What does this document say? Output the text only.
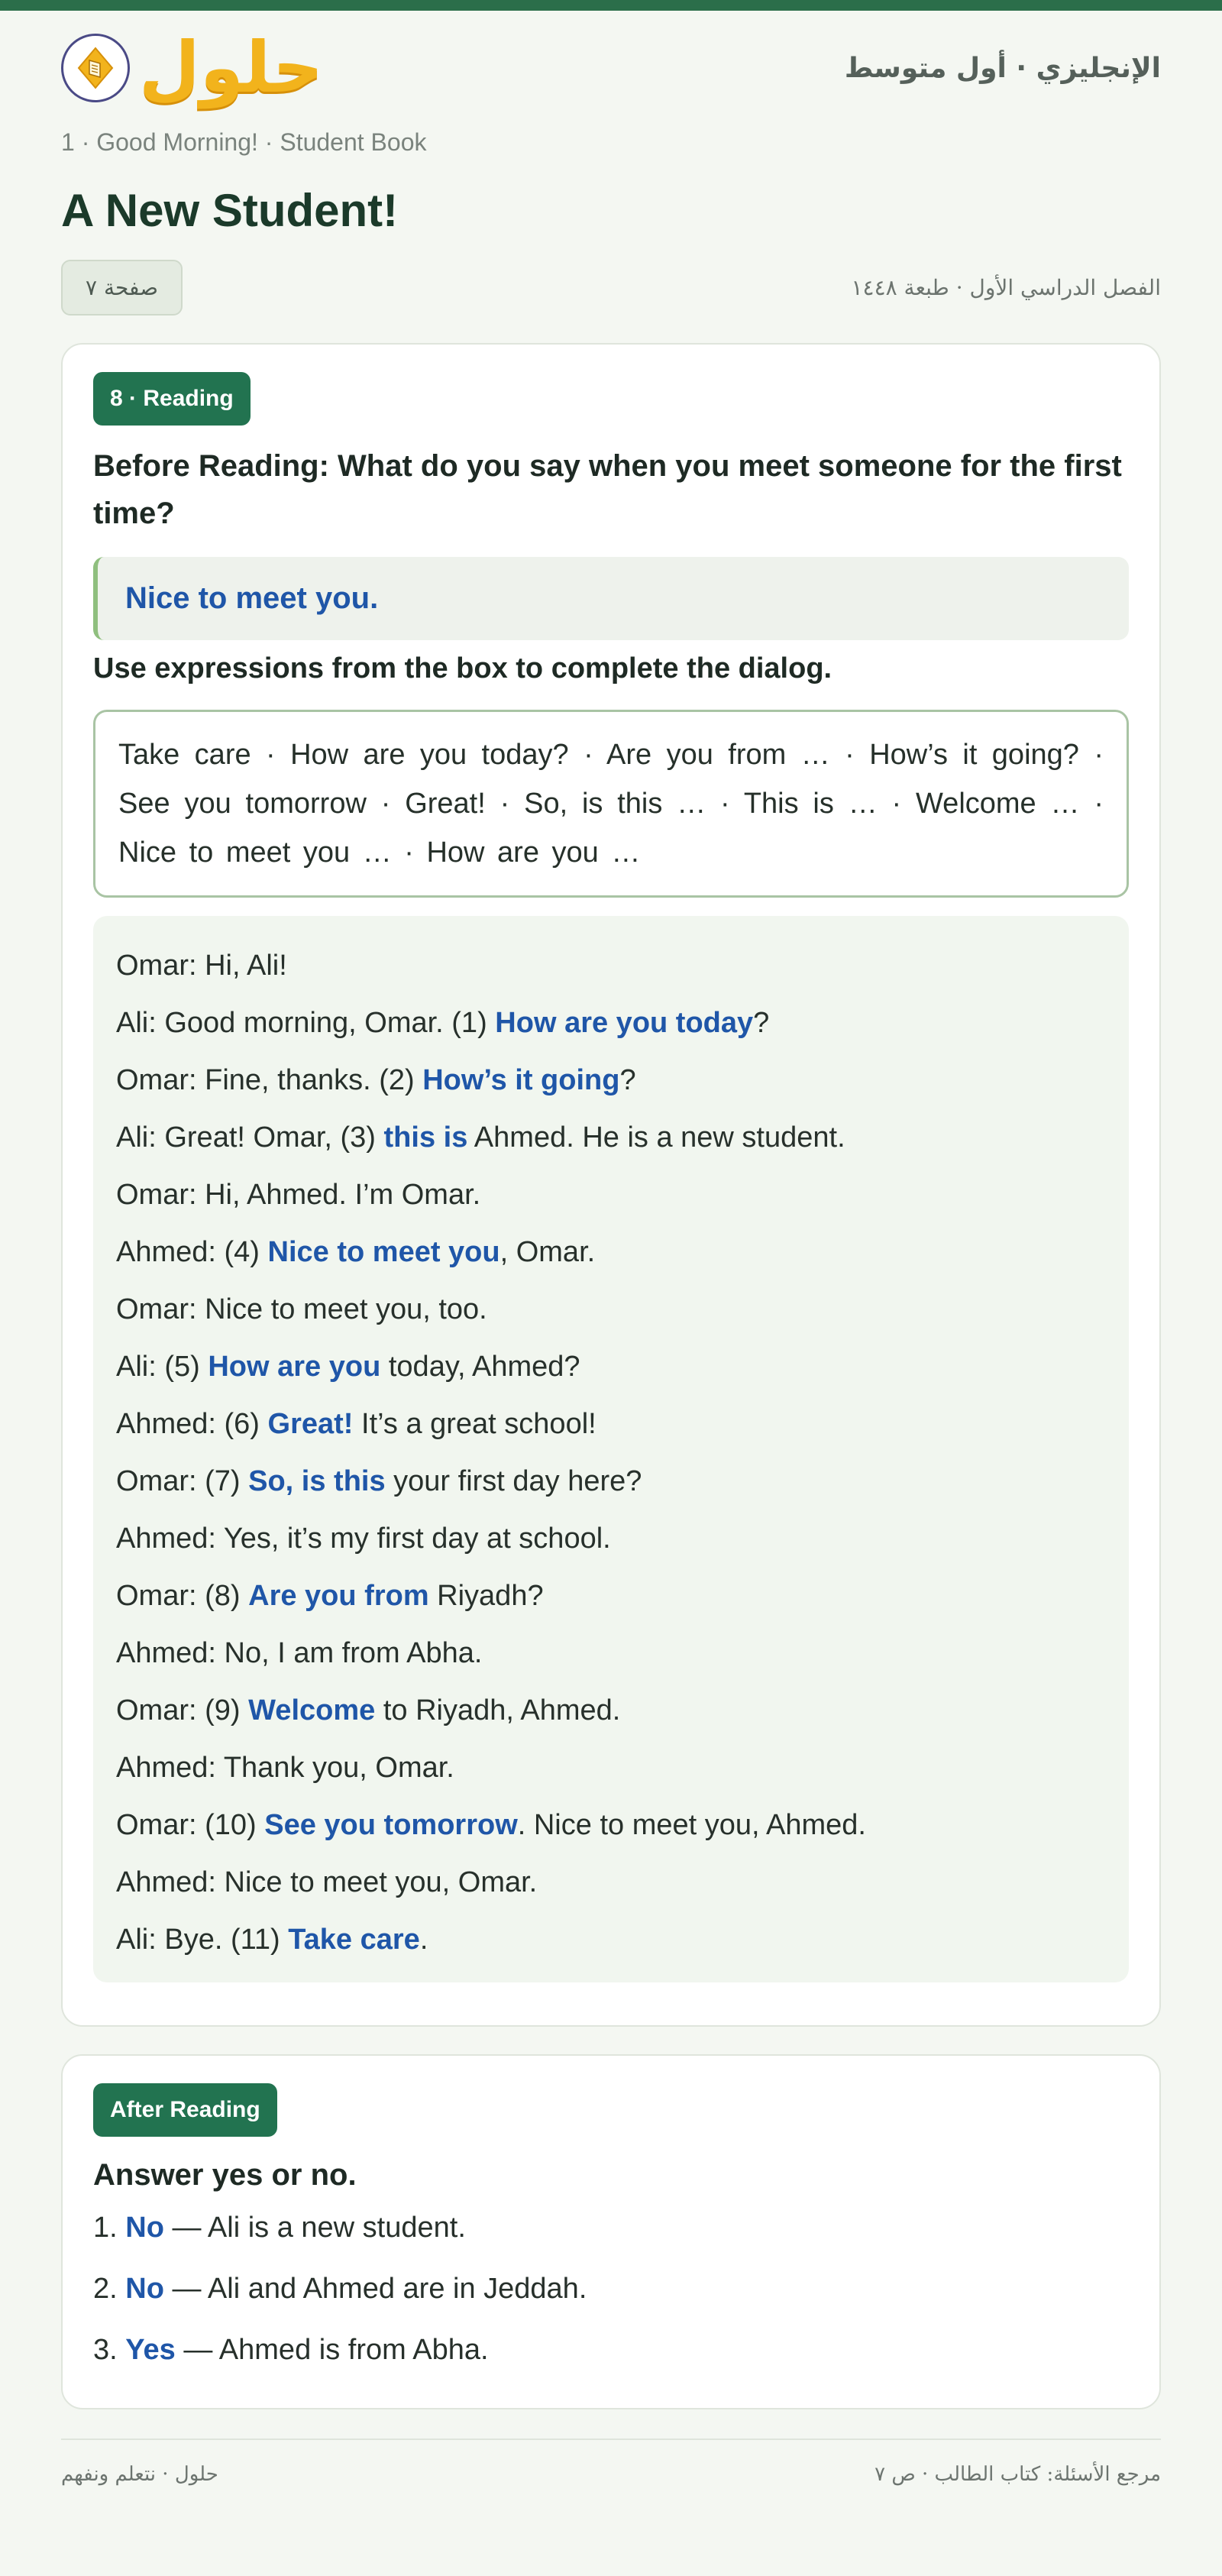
حلول	الإنجليزي · أول متوسط
1 · Good Morning! · Student Book
A New Student!
صفحة ٧	الفصل الدراسي الأول · طبعة ١٤٤٨
8 · Reading
Before Reading: What do you say when you meet someone for the first time?
Nice to meet you.
Use expressions from the box to complete the dialog.
Take care · How are you today? · Are you from … · How’s it going? · See you tomorrow · Great! · So, is this … · This is … · Welcome … · Nice to meet you … · How are you …
Omar: Hi, Ali!
Ali: Good morning, Omar. (1) How are you today?
Omar: Fine, thanks. (2) How’s it going?
Ali: Great! Omar, (3) this is Ahmed. He is a new student.
Omar: Hi, Ahmed. I’m Omar.
Ahmed: (4) Nice to meet you, Omar.
Omar: Nice to meet you, too.
Ali: (5) How are you today, Ahmed?
Ahmed: (6) Great! It’s a great school!
Omar: (7) So, is this your first day here?
Ahmed: Yes, it’s my first day at school.
Omar: (8) Are you from Riyadh?
Ahmed: No, I am from Abha.
Omar: (9) Welcome to Riyadh, Ahmed.
Ahmed: Thank you, Omar.
Omar: (10) See you tomorrow. Nice to meet you, Ahmed.
Ahmed: Nice to meet you, Omar.
Ali: Bye. (11) Take care.
After Reading
Answer yes or no.
1. No — Ali is a new student.
2. No — Ali and Ahmed are in Jeddah.
3. Yes — Ahmed is from Abha.
مرجع الأسئلة: كتاب الطالب · ص ٧
حلول · نتعلم ونفهم
